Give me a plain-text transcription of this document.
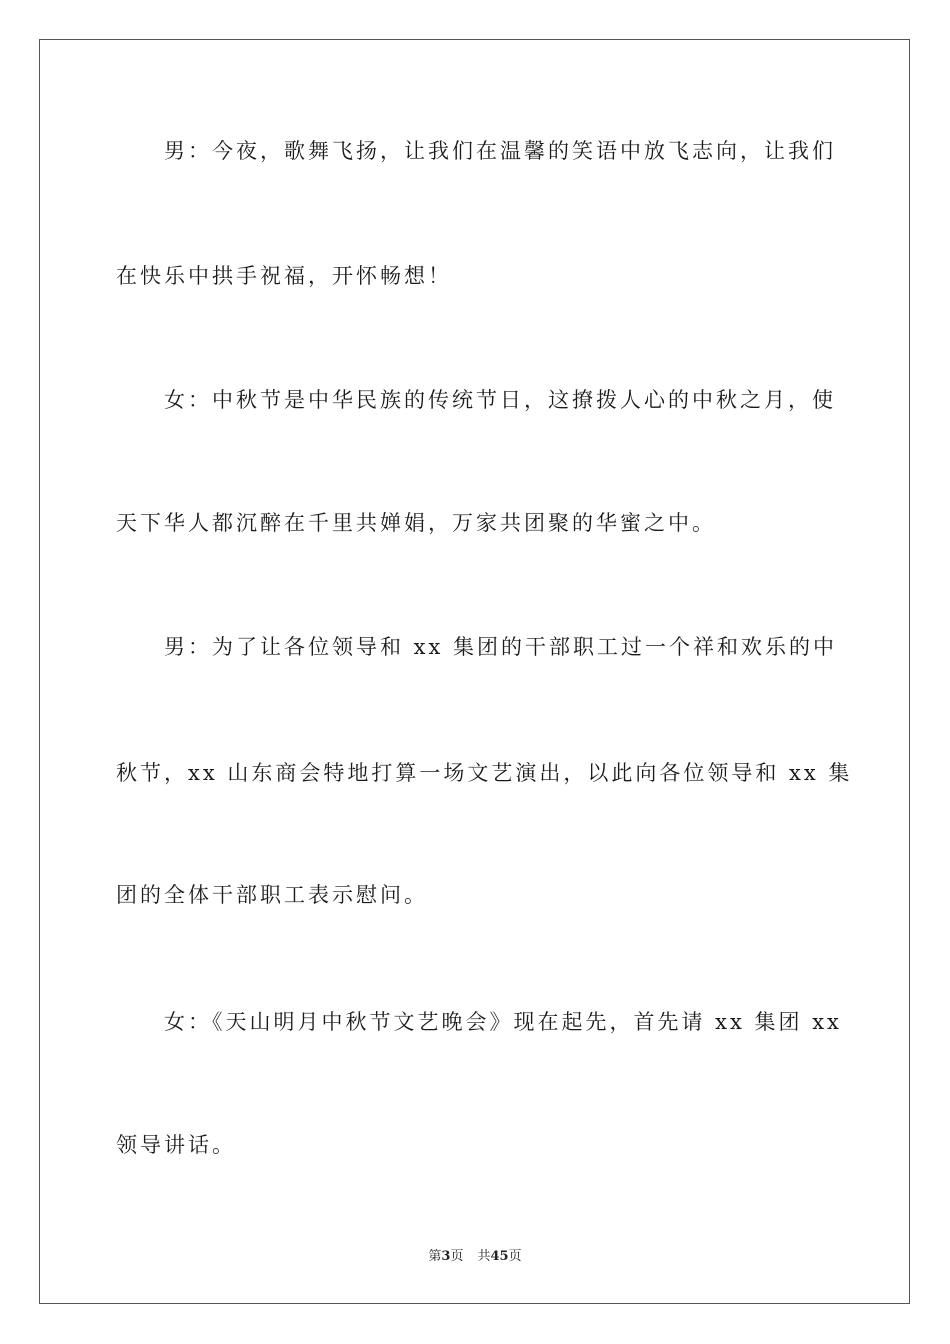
男：今夜，歌舞飞扬，让我们在温馨的笑语中放飞志向，让我们
在快乐中拱手祝福，开怀畅想！
女：中秋节是中华民族的传统节日，这撩拨人心的中秋之月，使
天下华人都沉醉在千里共婵娟，万家共团聚的华蜜之中。
男：为了让各位领导和 xx 集团的干部职工过一个祥和欢乐的中
秋节，xx 山东商会特地打算一场文艺演出，以此向各位领导和 xx 集
团的全体干部职工表示慰问。
女：《天山明月中秋节文艺晚会》现在起先，首先请 xx 集团 xx
领导讲话。
第3页 共45页
